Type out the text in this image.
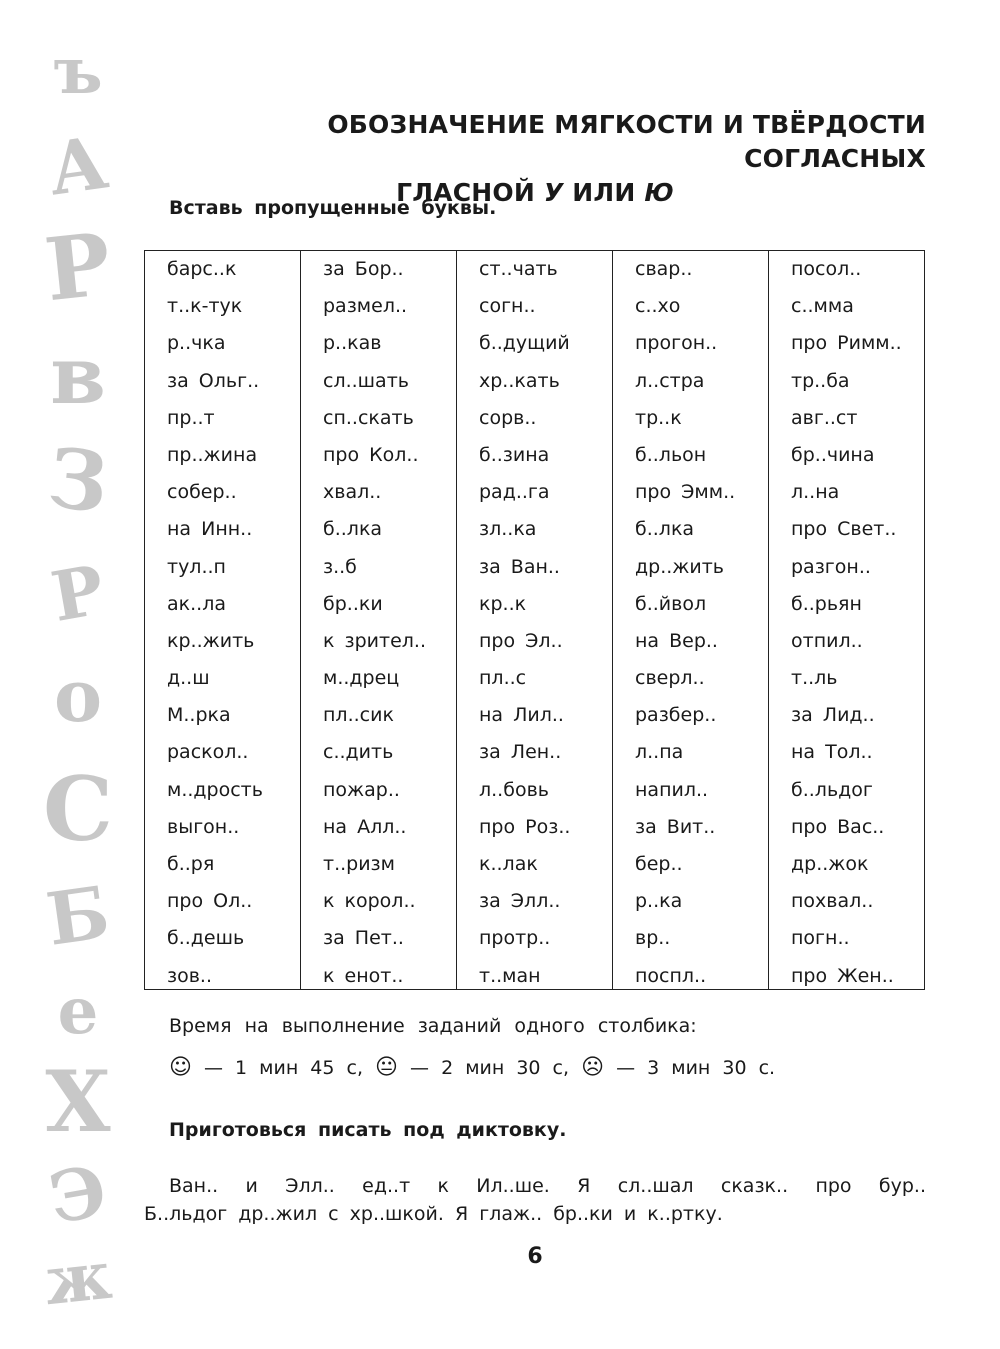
ъ
А
Р
в
З
Р
о
С
Б
е
Х
Э
ж
ОБОЗНАЧЕНИЕ МЯГКОСТИ И ТВЁРДОСТИ СОГЛАСНЫХ
ГЛАСНОЙ У ИЛИ Ю
Вставь пропущенные буквы.
барс..к
т..к-тук
р..чка
за Ольг..
пр..т
пр..жина
собер..
на Инн..
тул..п
ак..ла
кр..жить
д..ш
М..рка
раскол..
м..дрость
выгон..
б..ря
про Ол..
б..дешь
зов..
за Бор..
размел..
р..кав
сл..шать
сп..скать
про Кол..
хвал..
б..лка
з..б
бр..ки
к зрител..
м..дрец
пл..сик
с..дить
пожар..
на Алл..
т..ризм
к корол..
за Пет..
к енот..
ст..чать
согн..
б..дущий
хр..кать
сорв..
б..зина
рад..га
зл..ка
за Ван..
кр..к
про Эл..
пл..с
на Лил..
за Лен..
л..бовь
про Роз..
к..лак
за Элл..
протр..
т..ман
свар..
с..хо
прогон..
л..стра
тр..к
б..льон
про Эмм..
б..лка
др..жить
б..йвол
на Вер..
сверл..
разбер..
л..па
напил..
за Вит..
бер..
р..ка
вр..
поспл..
посол..
с..мма
про Римм..
тр..ба
авг..ст
бр..чина
л..на
про Свет..
разгон..
б..рьян
отпил..
т..ль
за Лид..
на Тол..
б..льдог
про Вас..
др..жок
похвал..
погн..
про Жен..
Время на выполнение заданий одного столбика:
☺ — 1 мин 45 с, 😐 — 2 мин 30 с, ☹ — 3 мин 30 с.
Приготовься писать под диктовку.
Ван.. и Элл.. ед..т к Ил..ше. Я сл..шал сказк.. про бур..
Б..льдог др..жил с хр..шкой. Я глаж.. бр..ки и к..ртку.
6
